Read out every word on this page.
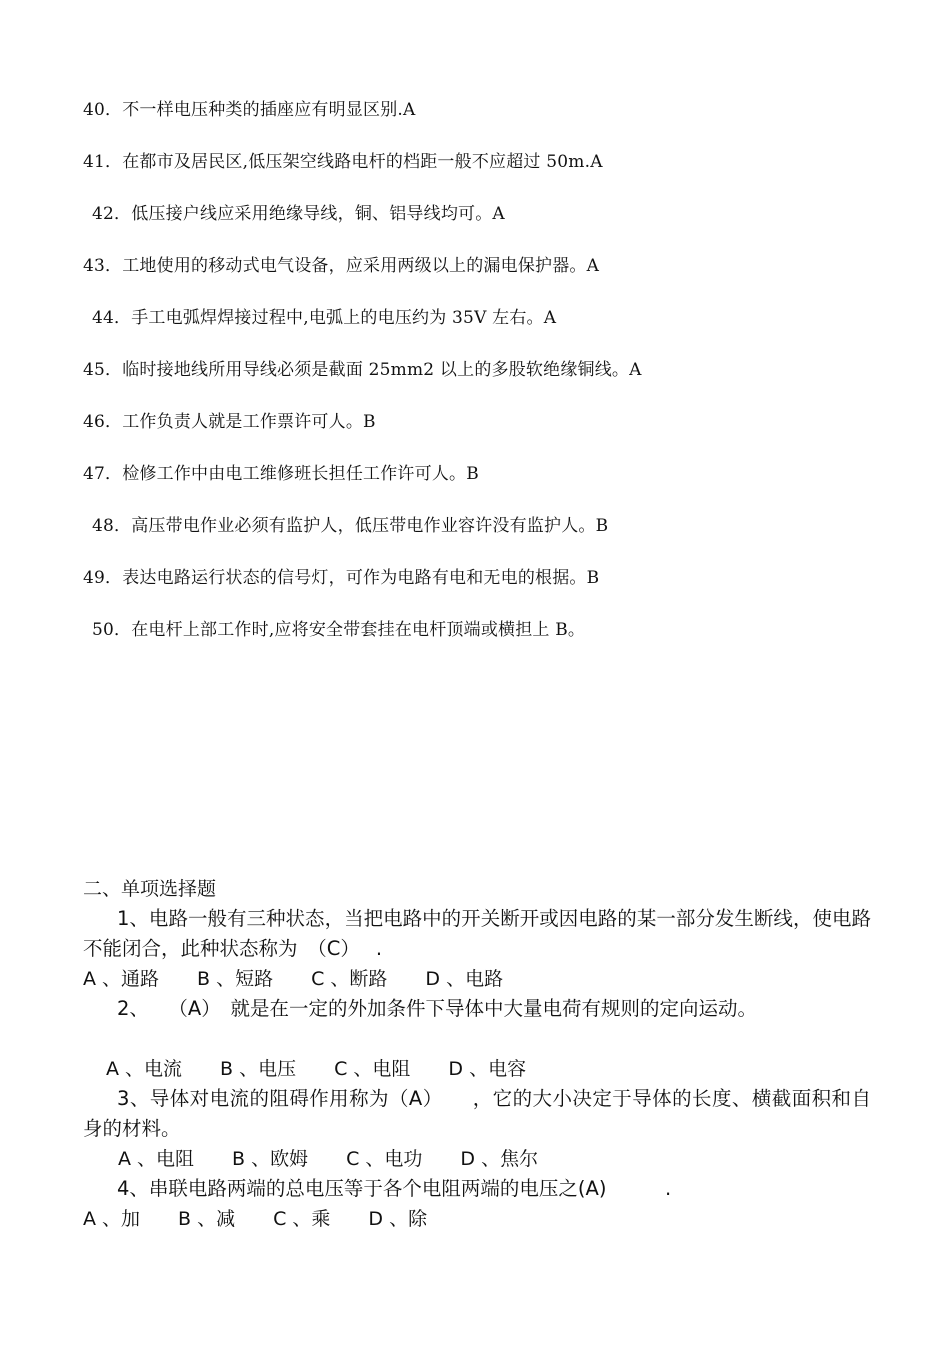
40．不一样电压种类的插座应有明显区别.A
41．在都市及居民区,低压架空线路电杆的档距一般不应超过 50m.A
42．低压接户线应采用绝缘导线，铜、铝导线均可。A
43．工地使用的移动式电气设备，应采用两级以上的漏电保护器。A
44．手工电弧焊焊接过程中,电弧上的电压约为 35V 左右。A
45．临时接地线所用导线必须是截面 25mm2 以上的多股软绝缘铜线。A
46．工作负责人就是工作票许可人。B
47．检修工作中由电工维修班长担任工作许可人。B
48．高压带电作业必须有监护人，低压带电作业容许没有监护人。B
49．表达电路运行状态的信号灯，可作为电路有电和无电的根据。B
50．在电杆上部工作时,应将安全带套挂在电杆顶端或横担上 B。
二、单项选择题
1、电路一般有三种状态，当把电路中的开关断开或因电路的某一部分发生断线，使电路不能闭合，此种状态称为　（C）　 .
A 、通路　　B 、短路　　C 、断路　　D 、电路
2、　　（A）　就是在一定的外加条件下导体中大量电荷有规则的定向运动。
A 、电流　　B 、电压　　C 、电阻　　D 、电容
3、导体对电流的阻碍作用称为（A）　　，它的大小决定于导体的长度、横截面积和自身的材料。
A 、电阻　　B 、欧姆　　C 、电功　　D 、焦尔
4、串联电路两端的总电压等于各个电阻两端的电压之(A)　　　.
A 、加　　B 、减　　C 、乘　　D 、除
